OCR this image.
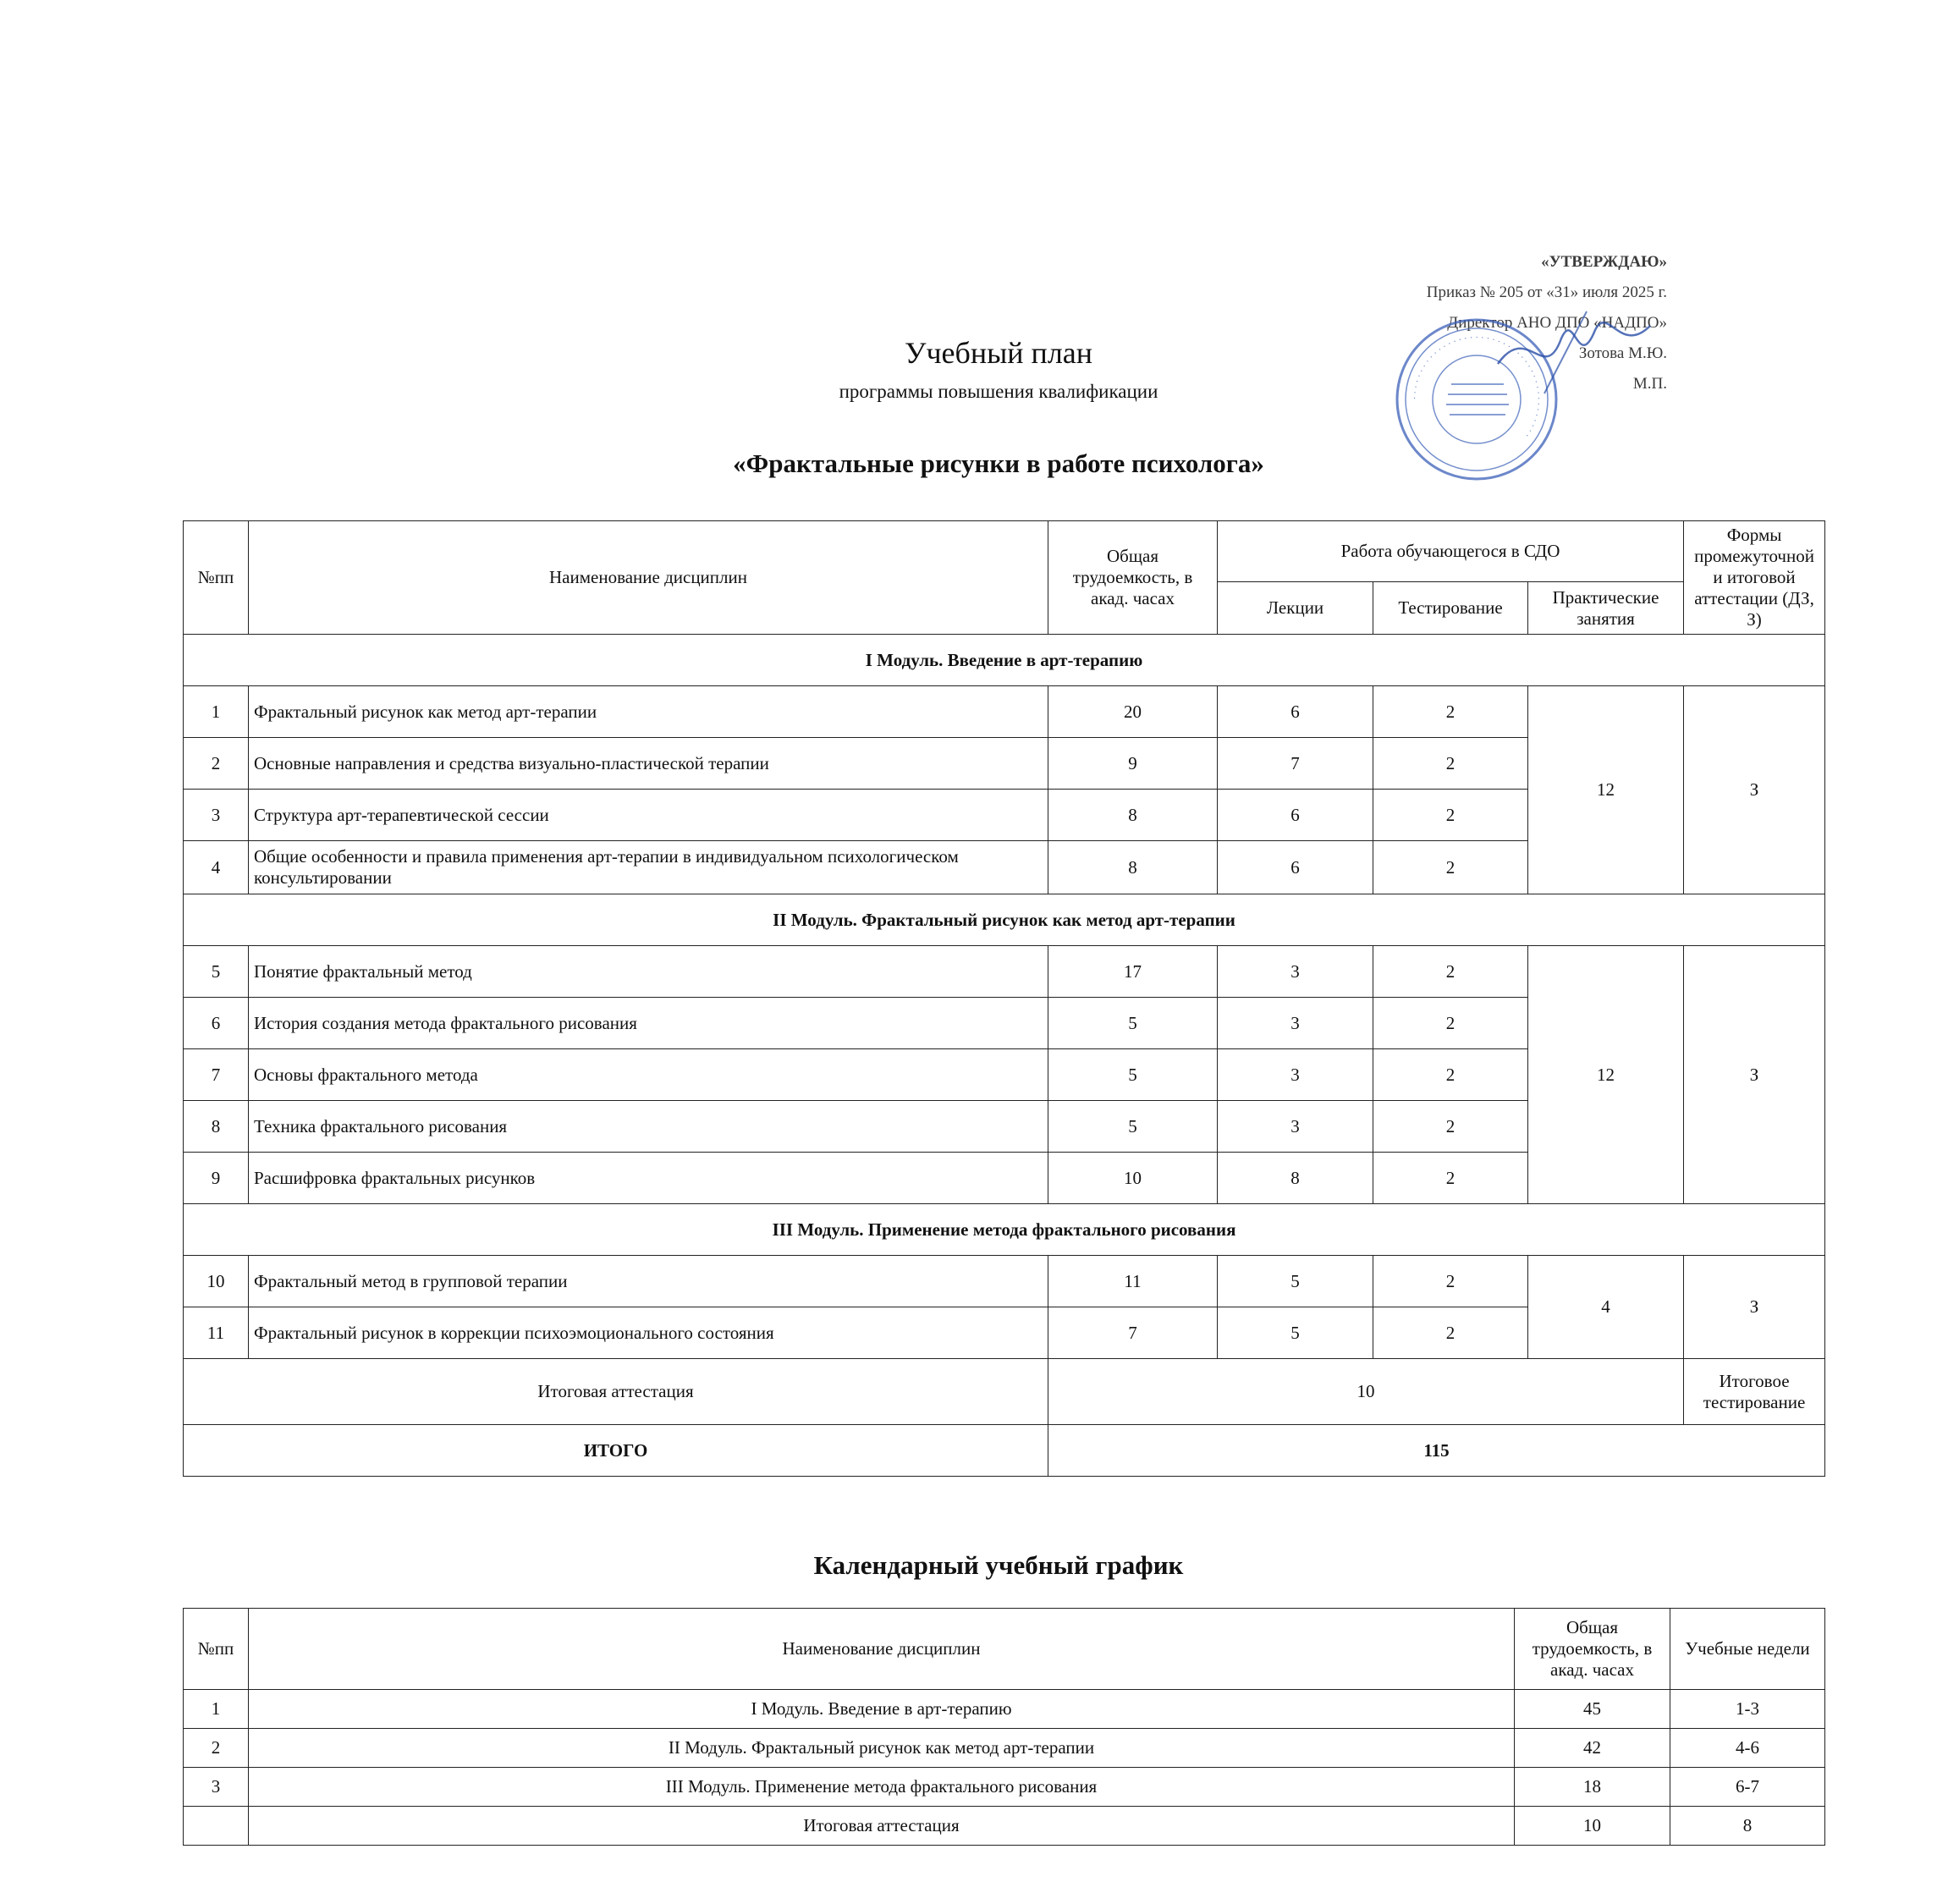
«УТВЕРЖДАЮ»
Приказ № 205 от «31» июля 2025 г.
Директор АНО ДПО «НАДПО»
Зотова М.Ю.
М.П.
· · · · · · · · · · · · · · · · · · · · · · · · · · · · · · · · · · · · · · · · · ·
Учебный план
программы повышения квалификации
«Фрактальные рисунки в работе психолога»
№пп	Наименование дисциплин	Общая трудоемкость, в акад. часах	Работа обучающегося в СДО			Формы промежуточной и итоговой аттестации (ДЗ, З)
			Лекции	Тестирование	Практические занятия	
I Модуль. Введение в арт-терапию						
1	Фрактальный рисунок как метод арт-терапии	20	6	2	12	З
2	Основные направления и средства визуально-пластической терапии	9	7	2		
3	Структура арт-терапевтической сессии	8	6	2		
4	Общие особенности и правила применения арт-терапии в индивидуальном психологическом консультировании	8	6	2		
II Модуль. Фрактальный рисунок как метод арт-терапии						
5	Понятие фрактальный метод	17	3	2	12	З
6	История создания метода фрактального рисования	5	3	2		
7	Основы фрактального метода	5	3	2		
8	Техника фрактального рисования	5	3	2		
9	Расшифровка фрактальных рисунков	10	8	2		
III Модуль. Применение метода фрактального рисования						
10	Фрактальный метод в групповой терапии	11	5	2	4	З
11	Фрактальный рисунок в коррекции психоэмоционального состояния	7	5	2		
Итоговая аттестация		10				Итоговое тестирование
ИТОГО		115				
Календарный учебный график
№пп	Наименование дисциплин	Общая трудоемкость, в акад. часах	Учебные недели
1	I Модуль. Введение в арт-терапию	45	1-3
2	II Модуль. Фрактальный рисунок как метод арт-терапии	42	4-6
3	III Модуль. Применение метода фрактального рисования	18	6-7
	Итоговая аттестация	10	8
